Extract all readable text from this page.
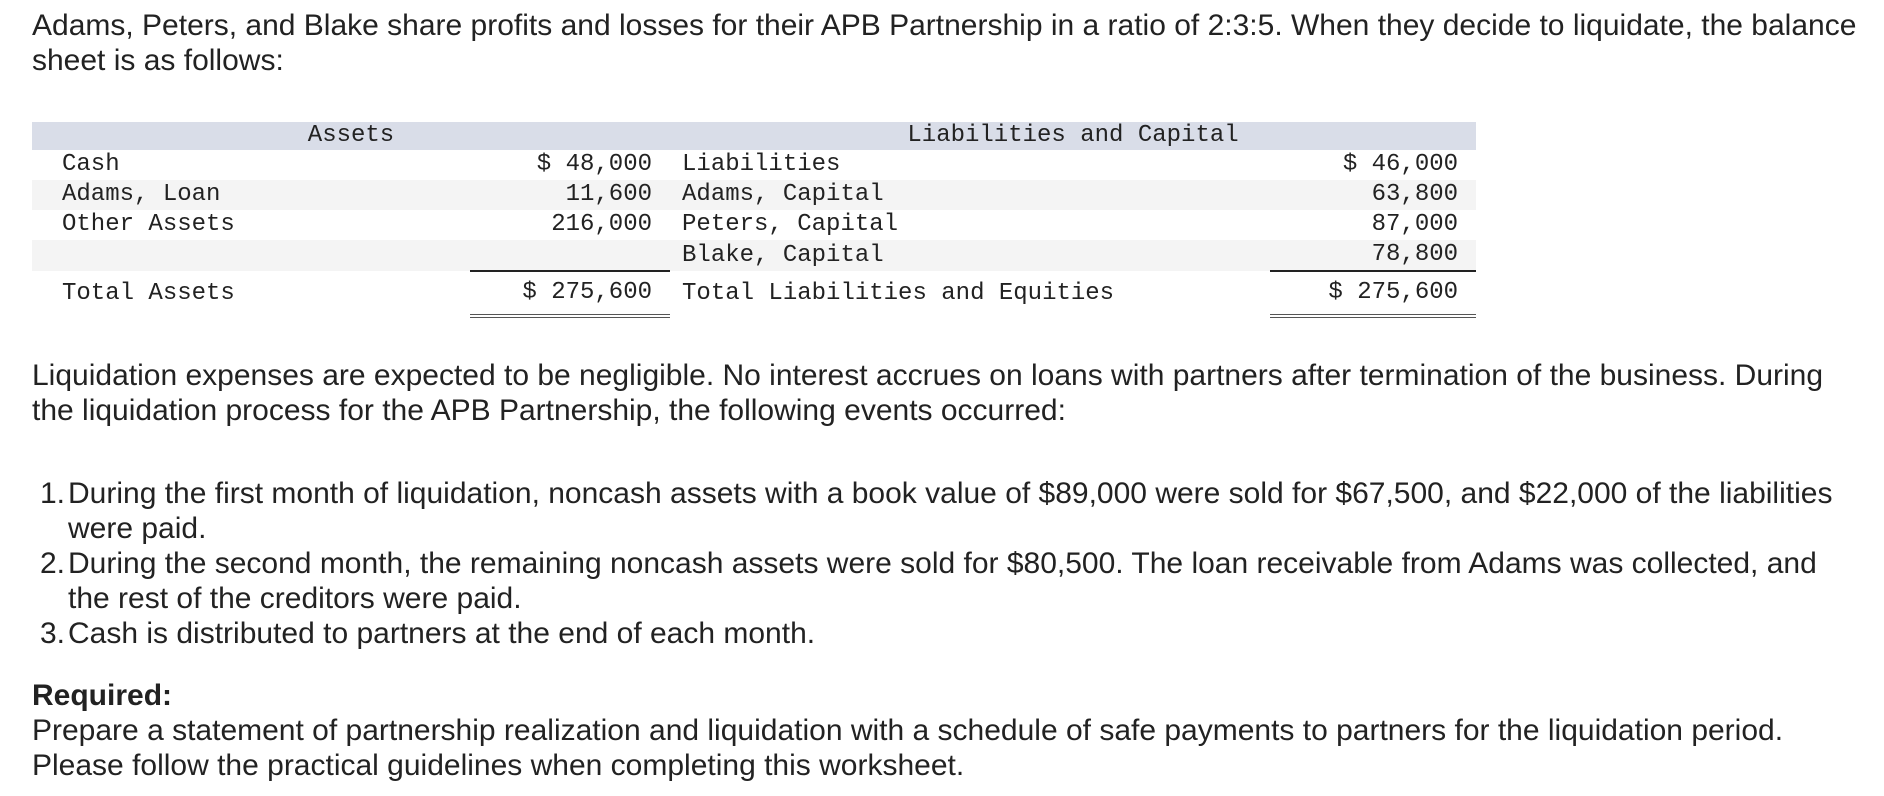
Adams, Peters, and Blake share profits and losses for their APB Partnership in a ratio of 2:3:5. When they decide to liquidate, the balance sheet is as follows:

Assets		Liabilities and Capital	
Cash	$ 48,000	Liabilities	$ 46,000
Adams, Loan	11,600	Adams, Capital	63,800
Other Assets	216,000	Peters, Capital	87,000
		Blake, Capital	78,800
Total Assets	$ 275,600	Total Liabilities and Equities	$ 275,600

Liquidation expenses are expected to be negligible. No interest accrues on loans with partners after termination of the business. During the liquidation process for the APB Partnership, the following events occurred:

1. During the first month of liquidation, noncash assets with a book value of $89,000 were sold for $67,500, and $22,000 of the liabilities were paid.
2. During the second month, the remaining noncash assets were sold for $80,500. The loan receivable from Adams was collected, and the rest of the creditors were paid.
3. Cash is distributed to partners at the end of each month.

Required:

Prepare a statement of partnership realization and liquidation with a schedule of safe payments to partners for the liquidation period. Please follow the practical guidelines when completing this worksheet.
